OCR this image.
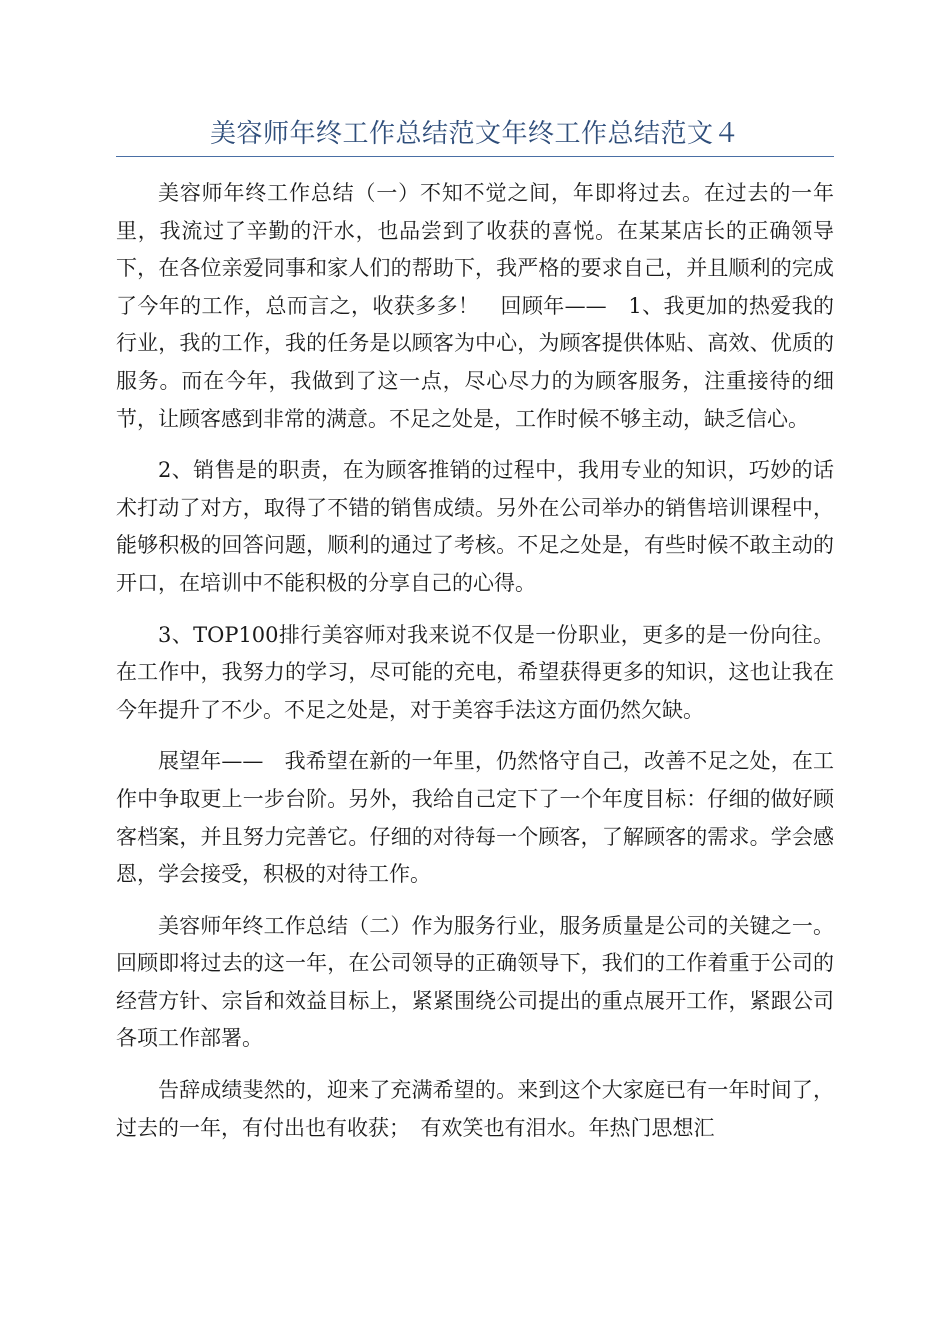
美容师年终工作总结范文年终工作总结范文４

美容师年终工作总结（一）不知不觉之间，年即将过去。在过去的一年里，我流过了辛勤的汗水，也品尝到了收获的喜悦。在某某店长的正确领导下，在各位亲爱同事和家人们的帮助下，我严格的要求自己，并且顺利的完成了今年的工作，总而言之，收获多多！　回顾年——　1、我更加的热爱我的行业，我的工作，我的任务是以顾客为中心，为顾客提供体贴、高效、优质的服务。而在今年，我做到了这一点，尽心尽力的为顾客服务，注重接待的细节，让顾客感到非常的满意。不足之处是，工作时候不够主动，缺乏信心。

2、销售是的职责，在为顾客推销的过程中，我用专业的知识，巧妙的话术打动了对方，取得了不错的销售成绩。另外在公司举办的销售培训课程中，能够积极的回答问题，顺利的通过了考核。不足之处是，有些时候不敢主动的开口，在培训中不能积极的分享自己的心得。

3、TOP100排行美容师对我来说不仅是一份职业，更多的是一份向往。在工作中，我努力的学习，尽可能的充电，希望获得更多的知识，这也让我在今年提升了不少。不足之处是，对于美容手法这方面仍然欠缺。

展望年——　我希望在新的一年里，仍然恪守自己，改善不足之处，在工作中争取更上一步台阶。另外，我给自己定下了一个年度目标：仔细的做好顾客档案，并且努力完善它。仔细的对待每一个顾客，了解顾客的需求。学会感恩，学会接受，积极的对待工作。

美容师年终工作总结（二）作为服务行业，服务质量是公司的关键之一。回顾即将过去的这一年，在公司领导的正确领导下，我们的工作着重于公司的经营方针、宗旨和效益目标上，紧紧围绕公司提出的重点展开工作，紧跟公司各项工作部署。

告辞成绩斐然的，迎来了充满希望的。来到这个大家庭已有一年时间了，过去的一年，有付出也有收获；　有欢笑也有泪水。年热门思想汇
